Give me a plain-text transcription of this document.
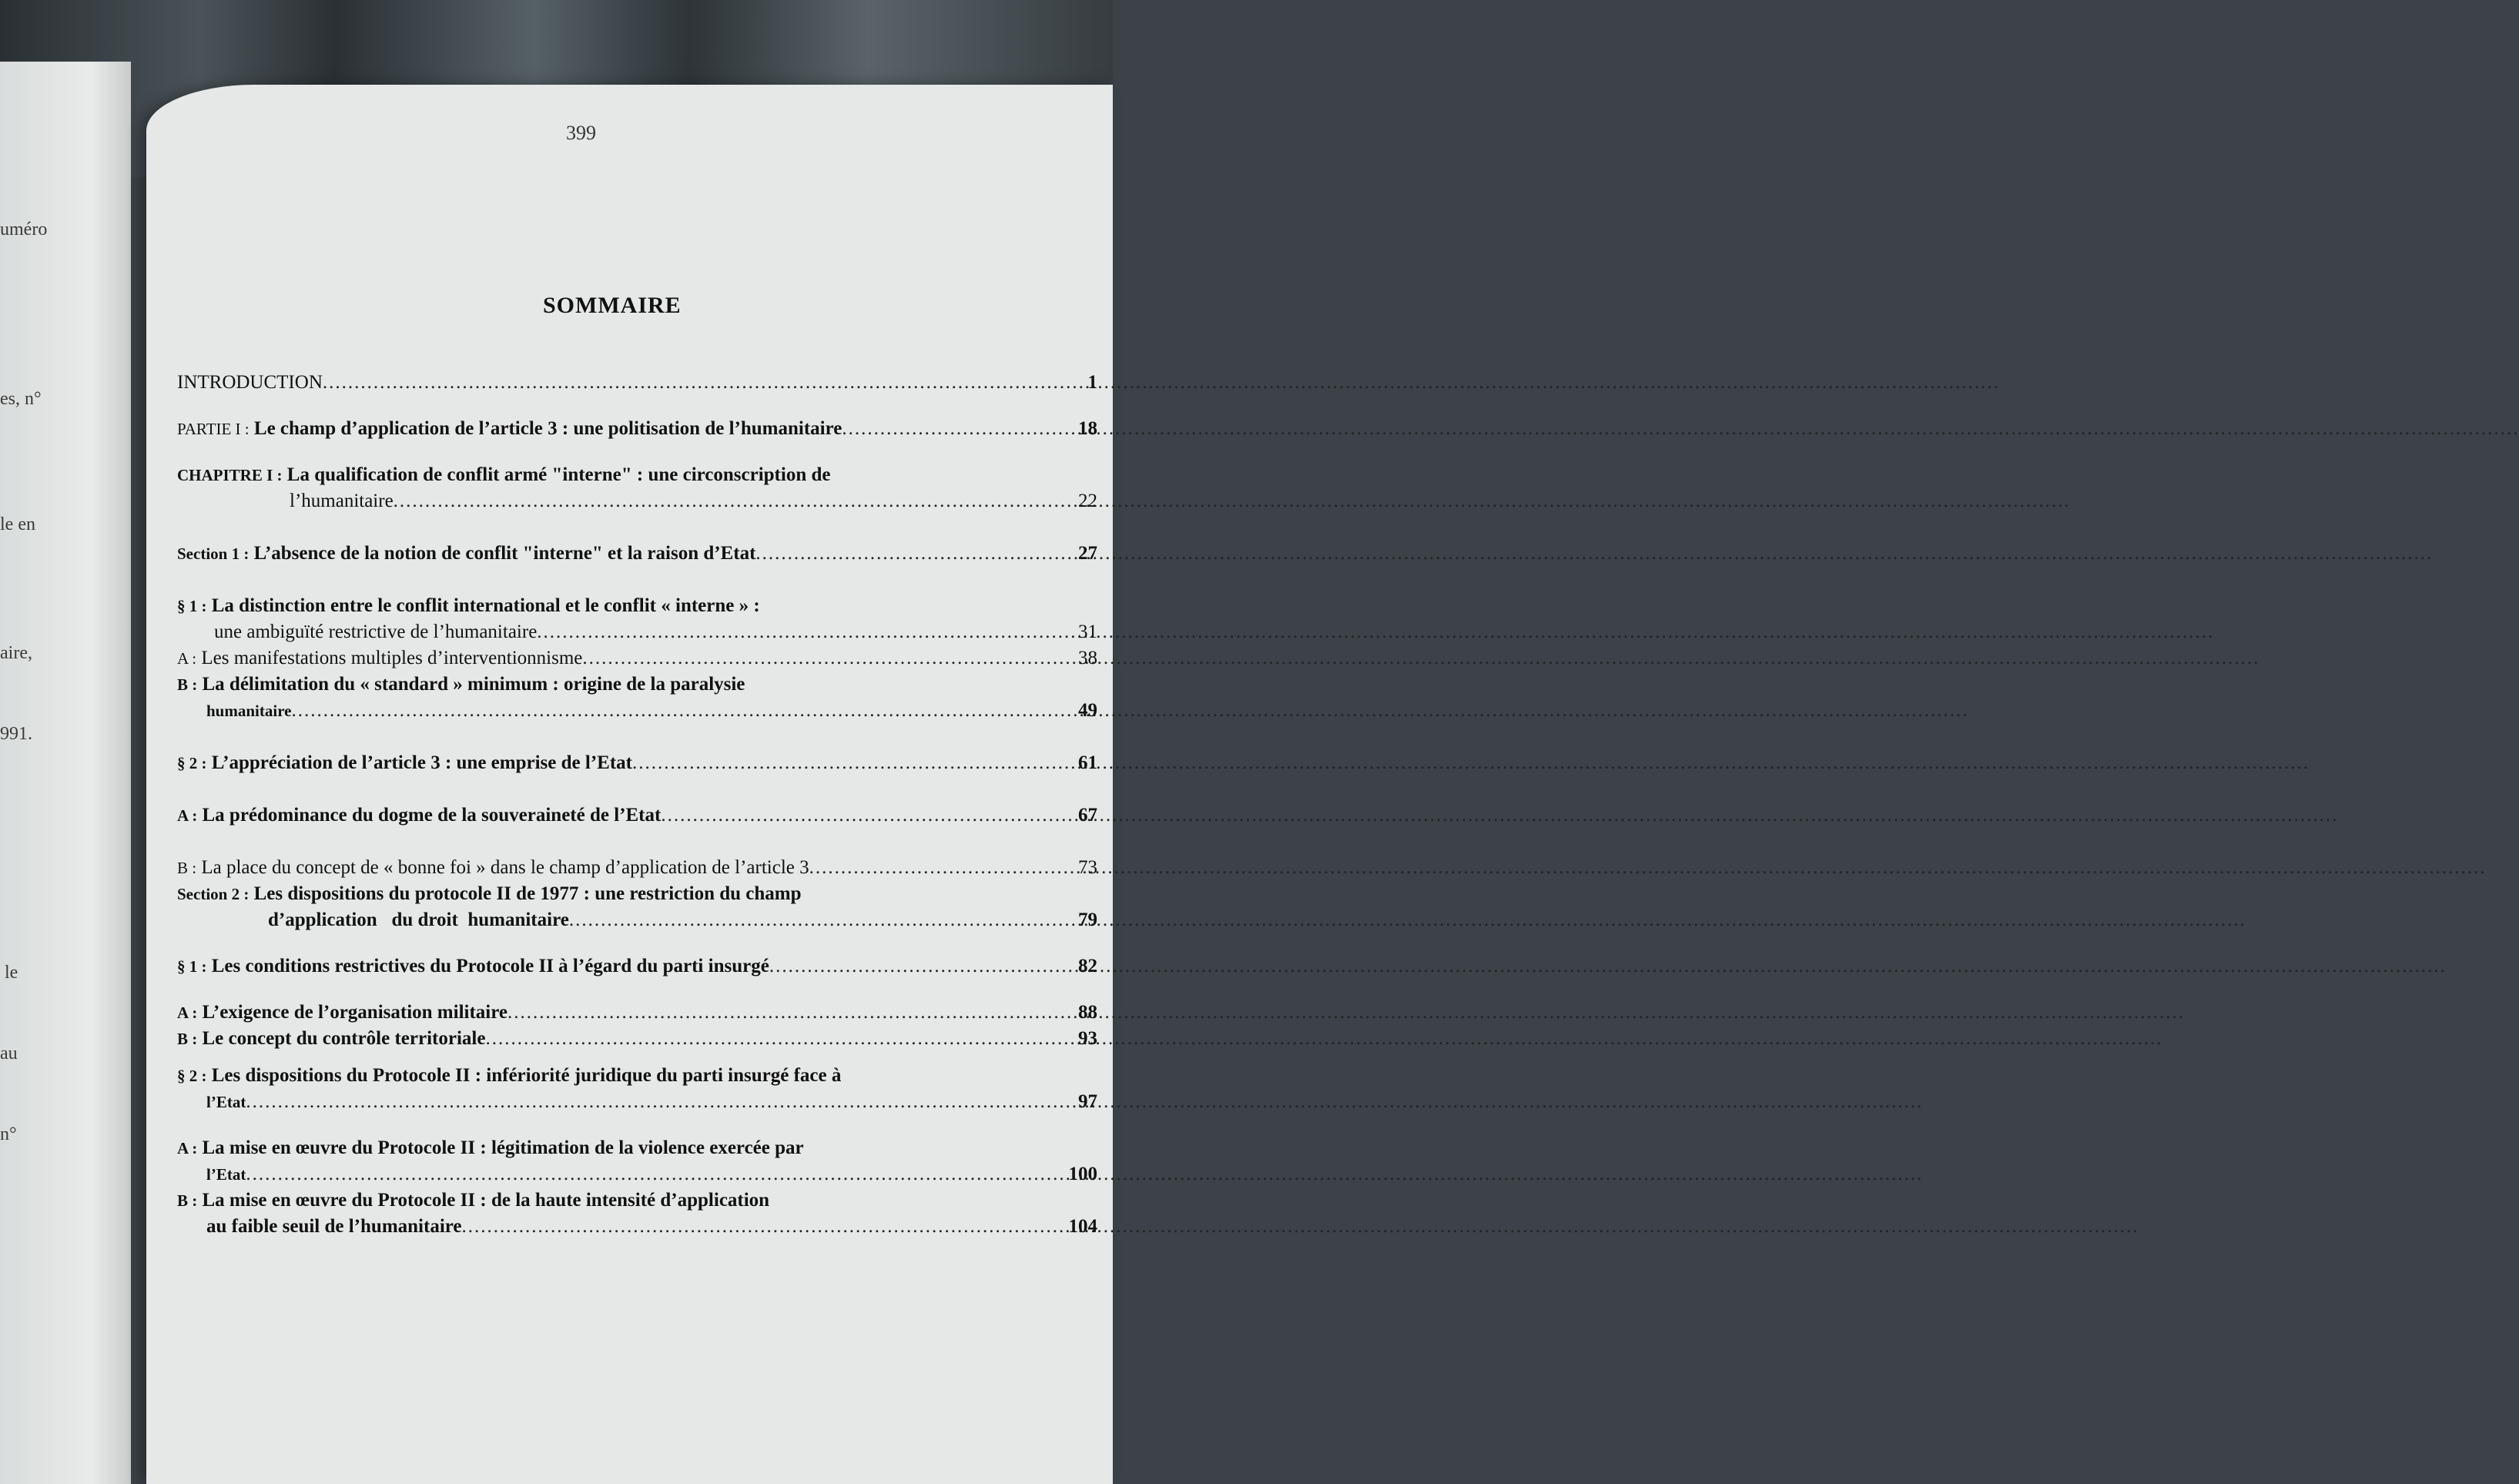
uméro
es, n°
le en
aire,
991.
le
au
n°
399
SOMMAIRE
INTRODUCTION .....	1
PARTIE I : Le champ d’application de l’article 3 : une politisation de l’humanitaire .....	18
CHAPITRE I : La qualification de conflit armé "interne" : une circonscription de
l’humanitaire .....	22
Section 1 : L’absence de la notion de conflit "interne" et la raison d’Etat .....	27
§ 1 : La distinction entre le conflit international et le conflit « interne » :
une ambiguïté restrictive de l’humanitaire .....	31
A : Les manifestations multiples d’interventionnisme .....	38
B : La délimitation du « standard » minimum : origine de la paralysie
humanitaire .....	49
§ 2 : L’appréciation de l’article 3 : une emprise de l’Etat .....	61
A : La prédominance du dogme de la souveraineté de l’Etat .....	67
B : La place du concept de « bonne foi » dans le champ d’application de l’article 3 .....	73
Section 2 : Les dispositions du protocole II de 1977 : une restriction du champ
d’application   du droit  humanitaire .....	79
§ 1 : Les conditions restrictives du Protocole II à l’égard du parti insurgé .....	82
A : L’exigence de l’organisation militaire .....	88
B : Le concept du contrôle territoriale .....	93
§ 2 : Les dispositions du Protocole II : infériorité juridique du parti insurgé face à
l’Etat .....	97
A : La mise en œuvre du Protocole II : légitimation de la violence exercée par
l’Etat .....	100
B : La mise en œuvre du Protocole II : de la haute intensité d’application
au faible seuil de l’humanitaire .....	104
